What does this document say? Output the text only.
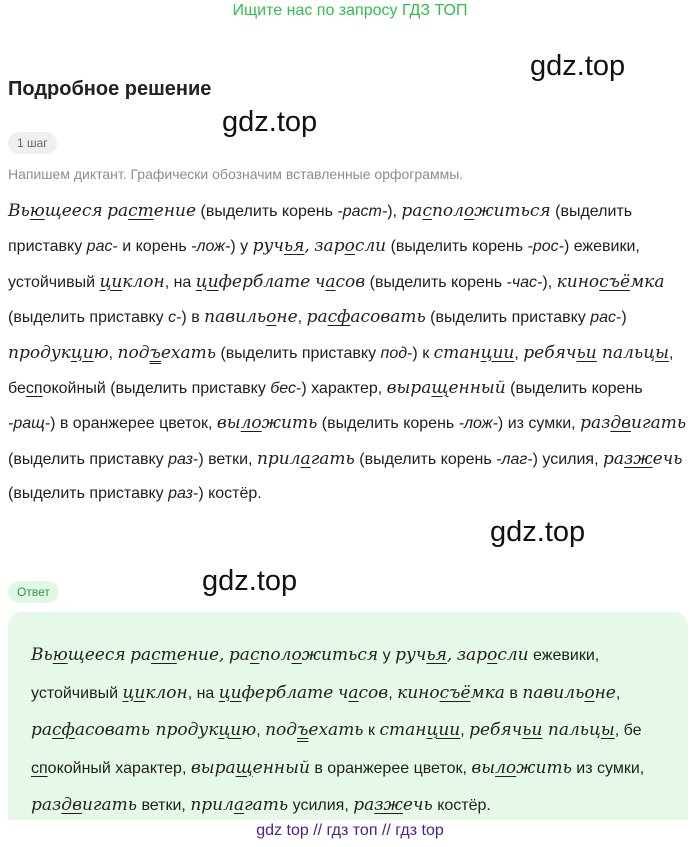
Ищите нас по запросу ГДЗ ТОП
gdz.top
gdz.top
gdz.top
gdz.top
Подробное решение
1 шаг
Напишем диктант. Графически обозначим вставленные орфограммы.
Вьющееся растение (выделить корень -раст-), расположиться (выделить приставку рас- и корень -лож-) у ручья, заросли (выделить корень -рос-) ежевики, устойчивый циклон, на циферблате часов (выделить корень -час-), киносъёмка (выделить приставку с-) в павильоне, расфасовать (выделить приставку рас-) продукцию, подъехать (выделить приставку под-) к станции, ребячьи пальцы, беспокойный (выделить приставку бес-) характер, выращенный (выделить корень -ращ-) в оранжерее цветок, выложить (выделить корень -лож-) из сумки, раздвигать (выделить приставку раз-) ветки, прилагать (выделить корень -лаг-) усилия, разжечь (выделить приставку раз-) костёр.
Ответ
Вьющееся растение, расположиться у ручья, заросли ежевики, устойчивый циклон, на циферблате часов, киносъёмка в павильоне, расфасовать продукцию, подъехать к станции, ребячьи пальцы, бе спокойный характер, выращенный в оранжерее цветок, выложить из сумки, раздвигать ветки, прилагать усилия, разжечь костёр.
gdz top // гдз топ // гдз top
